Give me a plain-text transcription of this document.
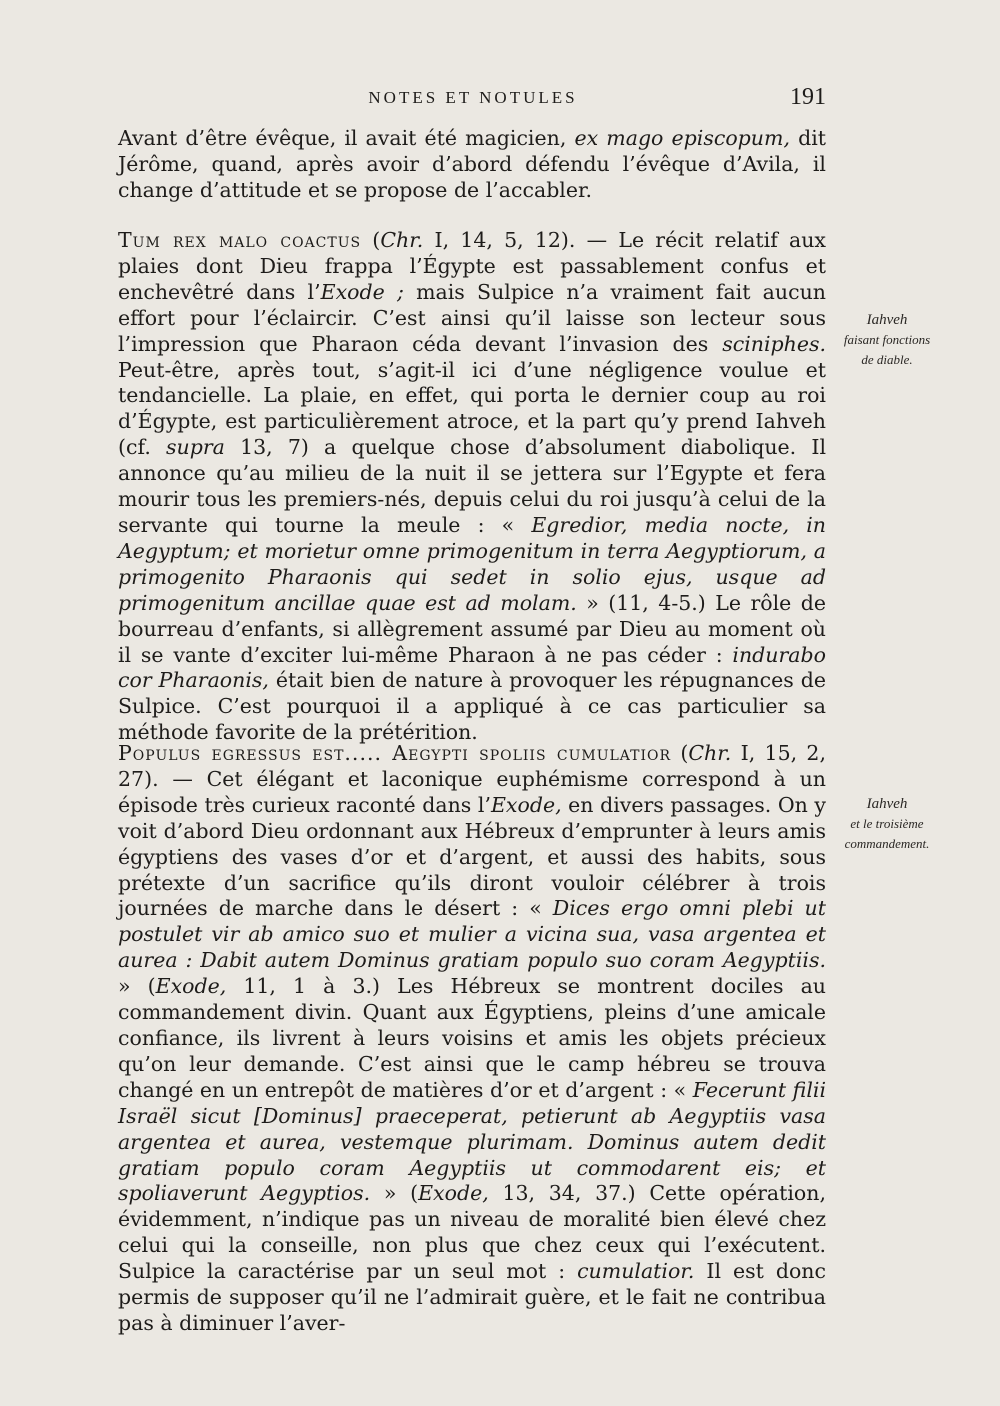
NOTES ET NOTULES	191

Avant d’être évêque, il avait été magicien, ex mago episcopum, dit Jérôme, quand, après avoir d’abord défendu l’évêque d’Avila, il change d’attitude et se propose de l’accabler.

Tum rex malo coactus (Chr. I, 14, 5, 12). — Le récit relatif aux plaies dont Dieu frappa l’Égypte est passablement confus et enchevêtré dans l’Exode ; mais Sulpice n’a vraiment fait aucun effort pour l’éclaircir. C’est ainsi qu’il laisse son lecteur sous l’impression que Pharaon céda devant l’invasion des sciniphes. Peut-être, après tout, s’agit-il ici d’une négligence voulue et tendancielle. La plaie, en effet, qui porta le dernier coup au roi d’Égypte, est particulièrement atroce, et la part qu’y prend Iahveh (cf. supra 13, 7) a quelque chose d’absolument diabolique. Il annonce qu’au milieu de la nuit il se jettera sur l’Egypte et fera mourir tous les premiers-nés, depuis celui du roi jusqu’à celui de la servante qui tourne la meule : « Egredior, media nocte, in Aegyptum; et morietur omne primogenitum in terra Aegyptiorum, a primogenito Pharaonis qui sedet in solio ejus, usque ad primogenitum ancillae quae est ad molam. » (11, 4-5.) Le rôle de bourreau d’enfants, si allègrement assumé par Dieu au moment où il se vante d’exciter lui-même Pharaon à ne pas céder : indurabo cor Pharaonis, était bien de nature à provoquer les répugnances de Sulpice. C’est pourquoi il a appliqué à ce cas particulier sa méthode favorite de la prétérition.

Populus egressus est..... Aegypti spoliis cumulatior (Chr. I, 15, 2, 27). — Cet élégant et laconique euphémisme correspond à un épisode très curieux raconté dans l’Exode, en divers passages. On y voit d’abord Dieu ordonnant aux Hébreux d’emprunter à leurs amis égyptiens des vases d’or et d’argent, et aussi des habits, sous prétexte d’un sacrifice qu’ils diront vouloir célébrer à trois journées de marche dans le désert : « Dices ergo omni plebi ut postulet vir ab amico suo et mulier a vicina sua, vasa argentea et aurea : Dabit autem Dominus gratiam populo suo coram Aegyptiis. » (Exode, 11, 1 à 3.) Les Hébreux se montrent dociles au commandement divin. Quant aux Égyptiens, pleins d’une amicale confiance, ils livrent à leurs voisins et amis les objets précieux qu’on leur demande. C’est ainsi que le camp hébreu se trouva changé en un entrepôt de matières d’or et d’argent : « Fecerunt filii Israël sicut [Dominus] praeceperat, petierunt ab Aegyptiis vasa argentea et aurea, vestemque plurimam. Dominus autem dedit gratiam populo coram Aegyptiis ut commodarent eis; et spoliaverunt Aegyptios. » (Exode, 13, 34, 37.) Cette opération, évidemment, n’indique pas un niveau de moralité bien élevé chez celui qui la conseille, non plus que chez ceux qui l’exécutent. Sulpice la caractérise par un seul mot : cumulatior. Il est donc permis de supposer qu’il ne l’admirait guère, et le fait ne contribua pas à diminuer l’aver-

Iahveh
faisant fonctions
de diable.
Iahveh
et le troisième
commandement.
